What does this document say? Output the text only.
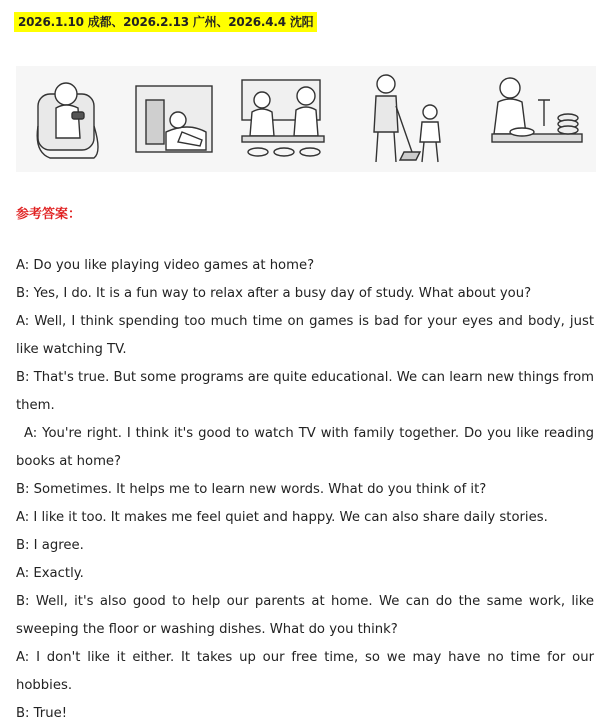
2026.1.10 成都、2026.2.13 广州、2026.4.4 沈阳
参考答案：

A: Do you like playing video games at home?

B: Yes, I do. It is a fun way to relax after a busy day of study. What about you?

A: Well, I think spending too much time on games is bad for your eyes and body, just like watching TV.

B: That's true. But some programs are quite educational. We can learn new things from them.

A: You're right. I think it's good to watch TV with family together. Do you like reading books at home?

B: Sometimes. It helps me to learn new words. What do you think of it?

A: I like it too. It makes me feel quiet and happy. We can also share daily stories.

B: I agree.

A: Exactly.

B: Well, it's also good to help our parents at home. We can do the same work, like sweeping the floor or washing dishes. What do you think?

A: I don't like it either. It takes up our free time, so we may have no time for our hobbies.

B: True!
